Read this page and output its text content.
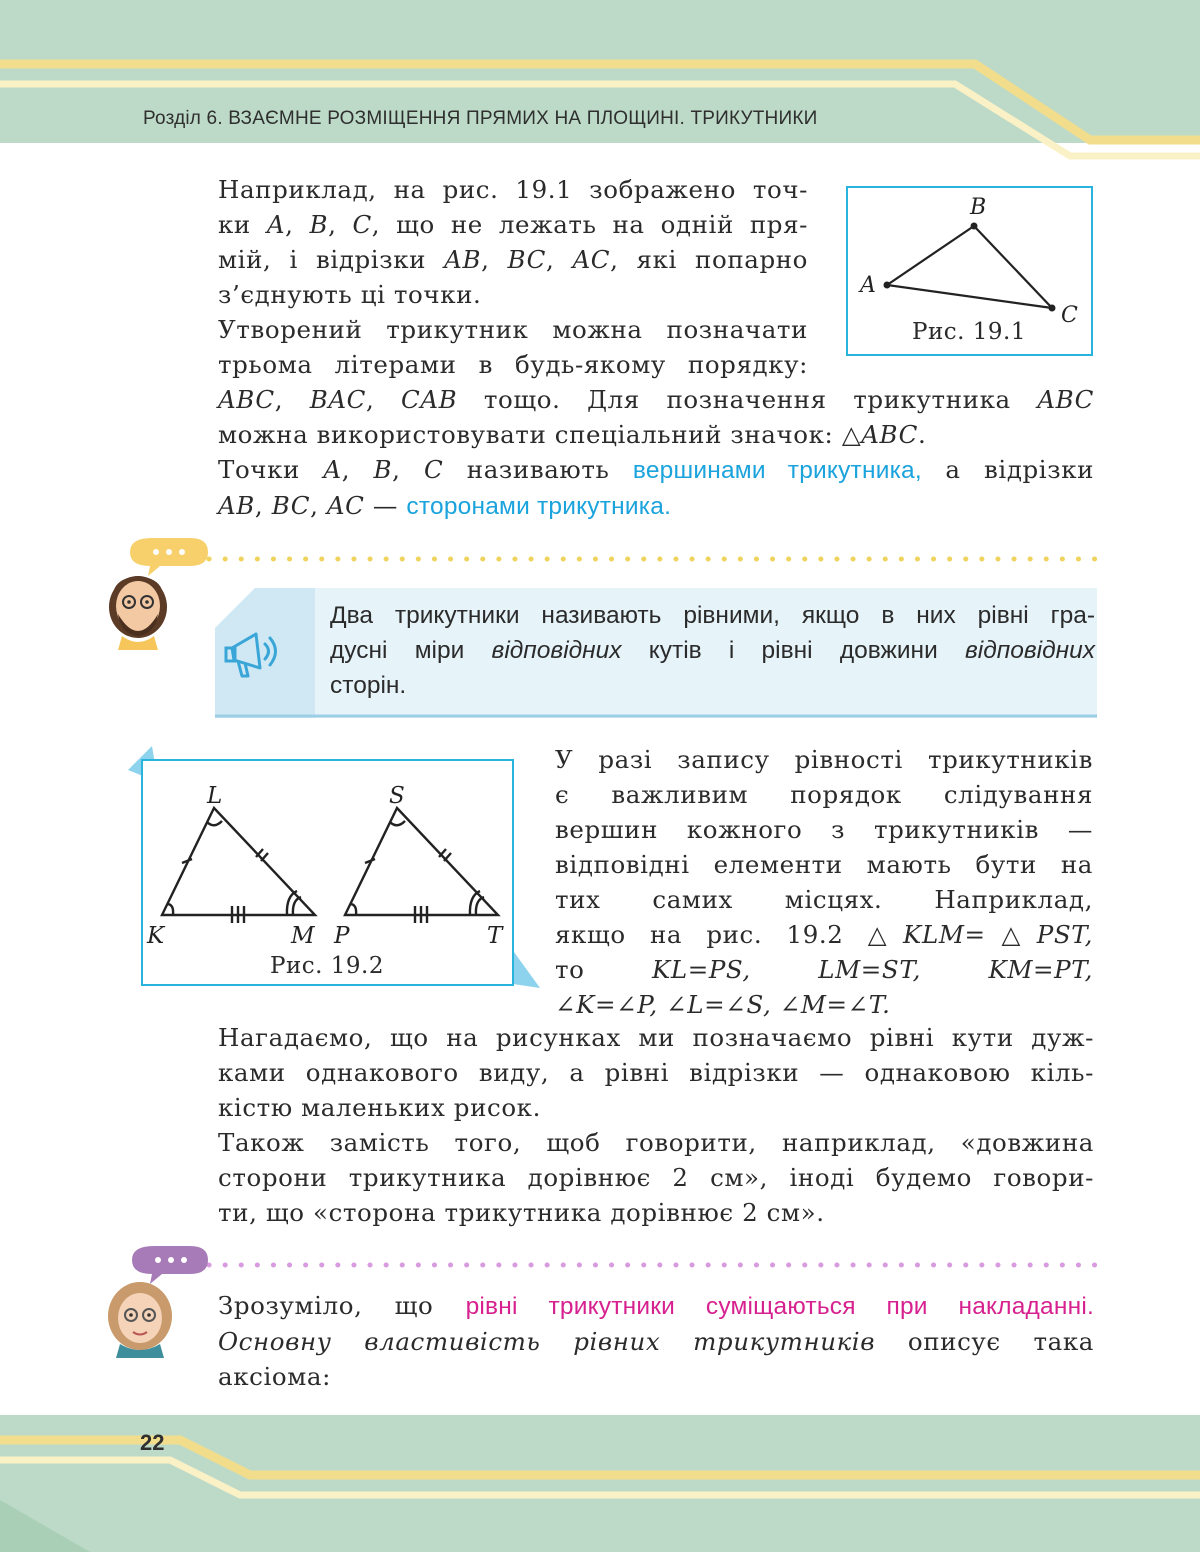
Розділ 6. ВЗАЄМНЕ РОЗМІЩЕННЯ ПРЯМИХ НА ПЛОЩИНІ. ТРИКУТНИКИ
Наприклад, на рис. 19.1 зображено точ-
ки A, B, C, що не лежать на одній пря-
мій, і відрізки AB, BC, AC, які попарно
з’єднують ці точки.
Утворений трикутник можна позначати
трьома літерами в будь-якому порядку:
ABC, BAC, CAB тощо. Для позначення трикутника ABC
можна використовувати спеціальний значок: △ABC.
Точки A, B, C називають вершинами трикутника, а відрізки
AB, BC, AC — сторонами трикутника.
A
B
C
Рис. 19.1
Два трикутники називають рівними, якщо в них рівні гра-
дусні міри відповідних кутів і рівні довжини відповідних
сторін.
L
K	M
S
P	T
Рис. 19.2
У разі запису рівності трикутників
є важливим порядок слідування
вершин кожного з трикутників —
відповідні елементи мають бути на
тих самих місцях. Наприклад,
якщо на рис. 19.2 △KLM=△PST,
то	KL=PS,	LM=ST,	KM=PT,
∠K=∠P, ∠L=∠S, ∠M=∠T.
Нагадаємо, що на рисунках ми позначаємо рівні кути дуж-
ками однакового виду, а рівні відрізки — однаковою кіль-
кістю маленьких рисок.
Також замість того, щоб говорити, наприклад, «довжина
сторони трикутника дорівнює 2 см», іноді будемо говори-
ти, що «сторона трикутника дорівнює 2 см».
Зрозуміло, що рівні трикутники суміщаються при накладанні.
Основну властивість рівних трикутників описує така
аксіома:
22
